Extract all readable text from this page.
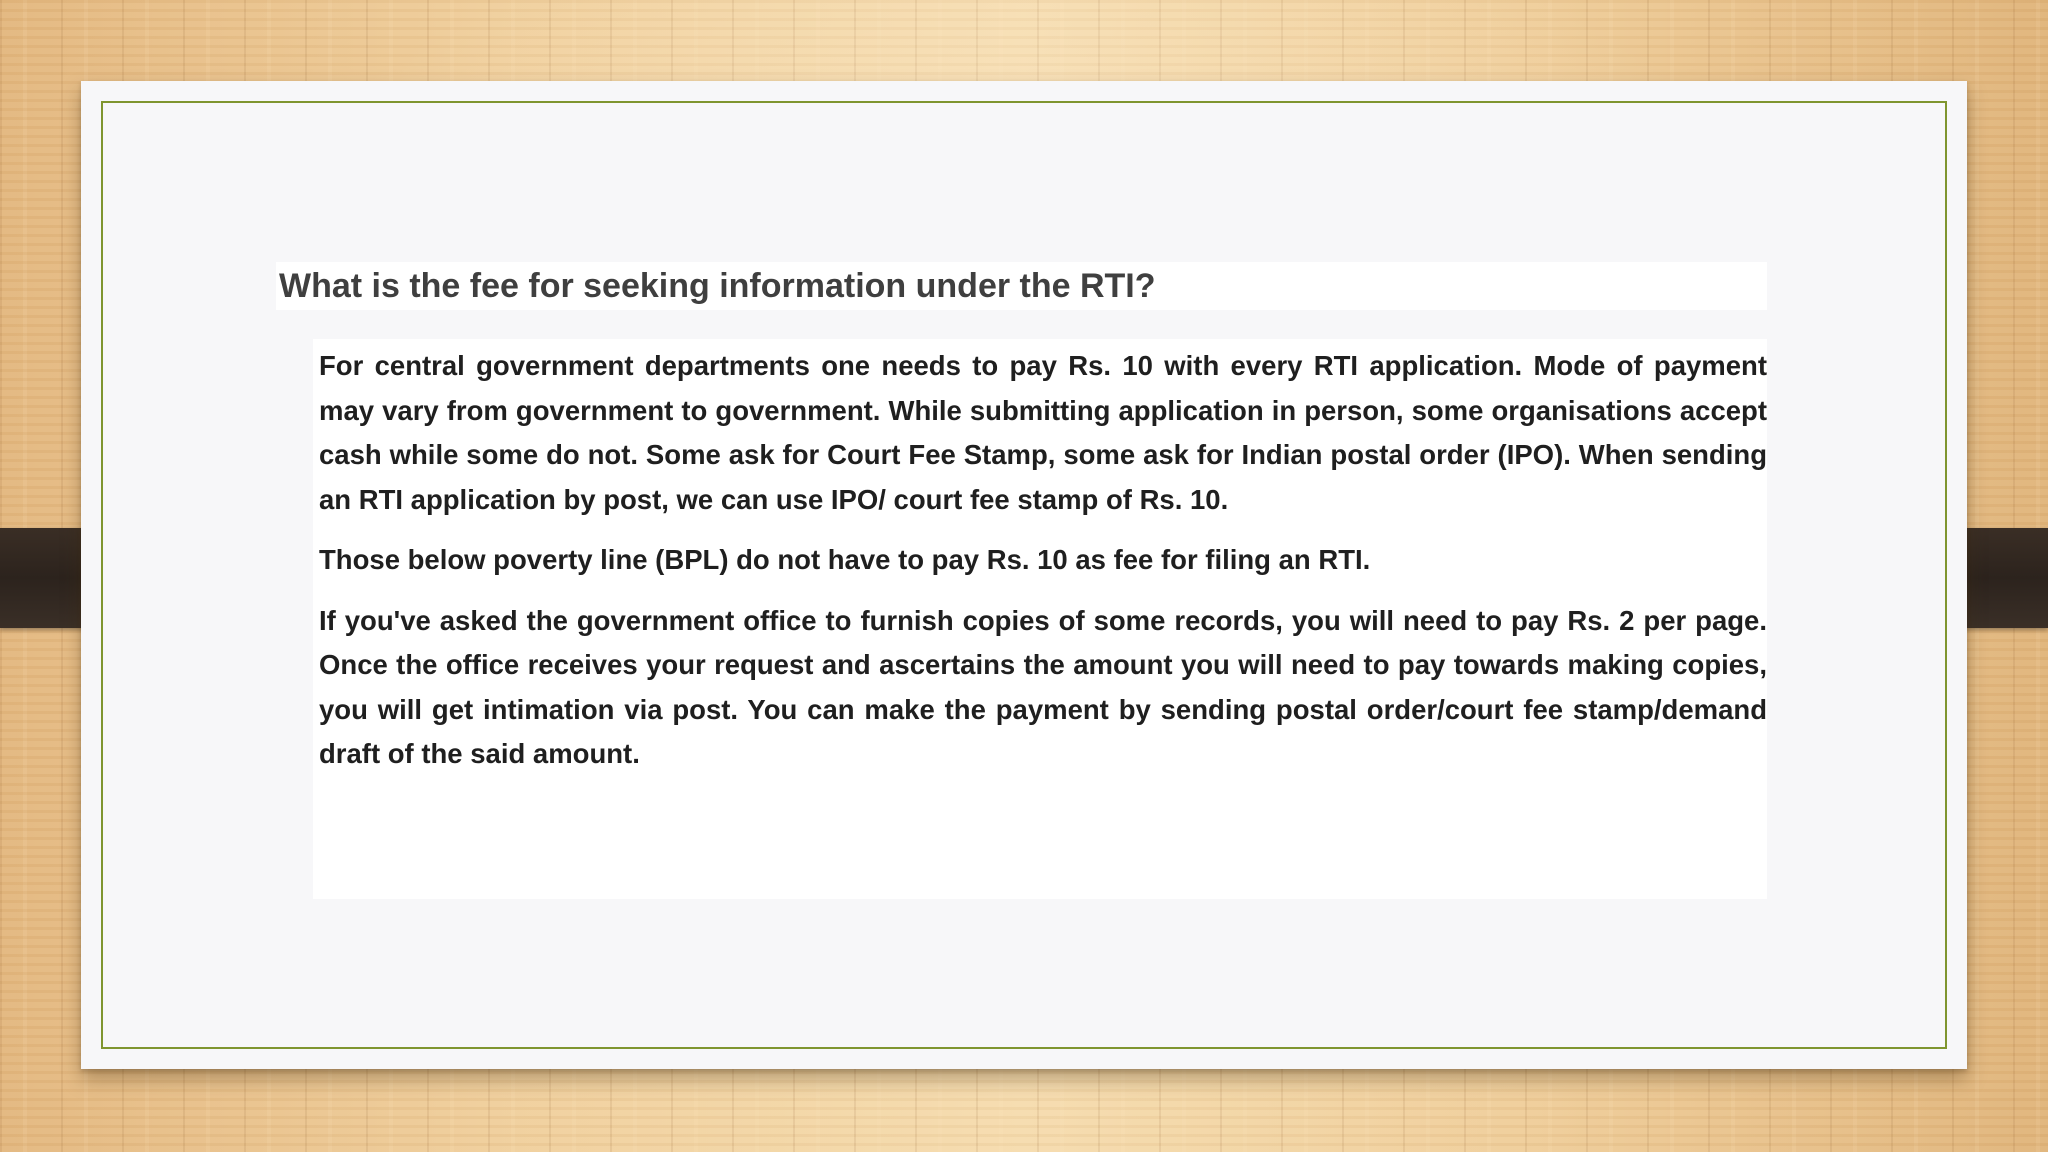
What is the fee for seeking information under the RTI?

For central government departments one needs to pay Rs. 10 with every RTI application. Mode of payment may vary from government to government. While submitting application in person, some organisations accept cash while some do not. Some ask for Court Fee Stamp, some ask for Indian postal order (IPO). When sending an RTI application by post, we can use IPO/ court fee stamp of Rs. 10.

Those below poverty line (BPL) do not have to pay Rs. 10 as fee for filing an RTI.

If you've asked the government office to furnish copies of some records, you will need to pay Rs. 2 per page. Once the office receives your request and ascertains the amount you will need to pay towards making copies, you will get intimation via post. You can make the payment by sending postal order/court fee stamp/demand draft of the said amount.
